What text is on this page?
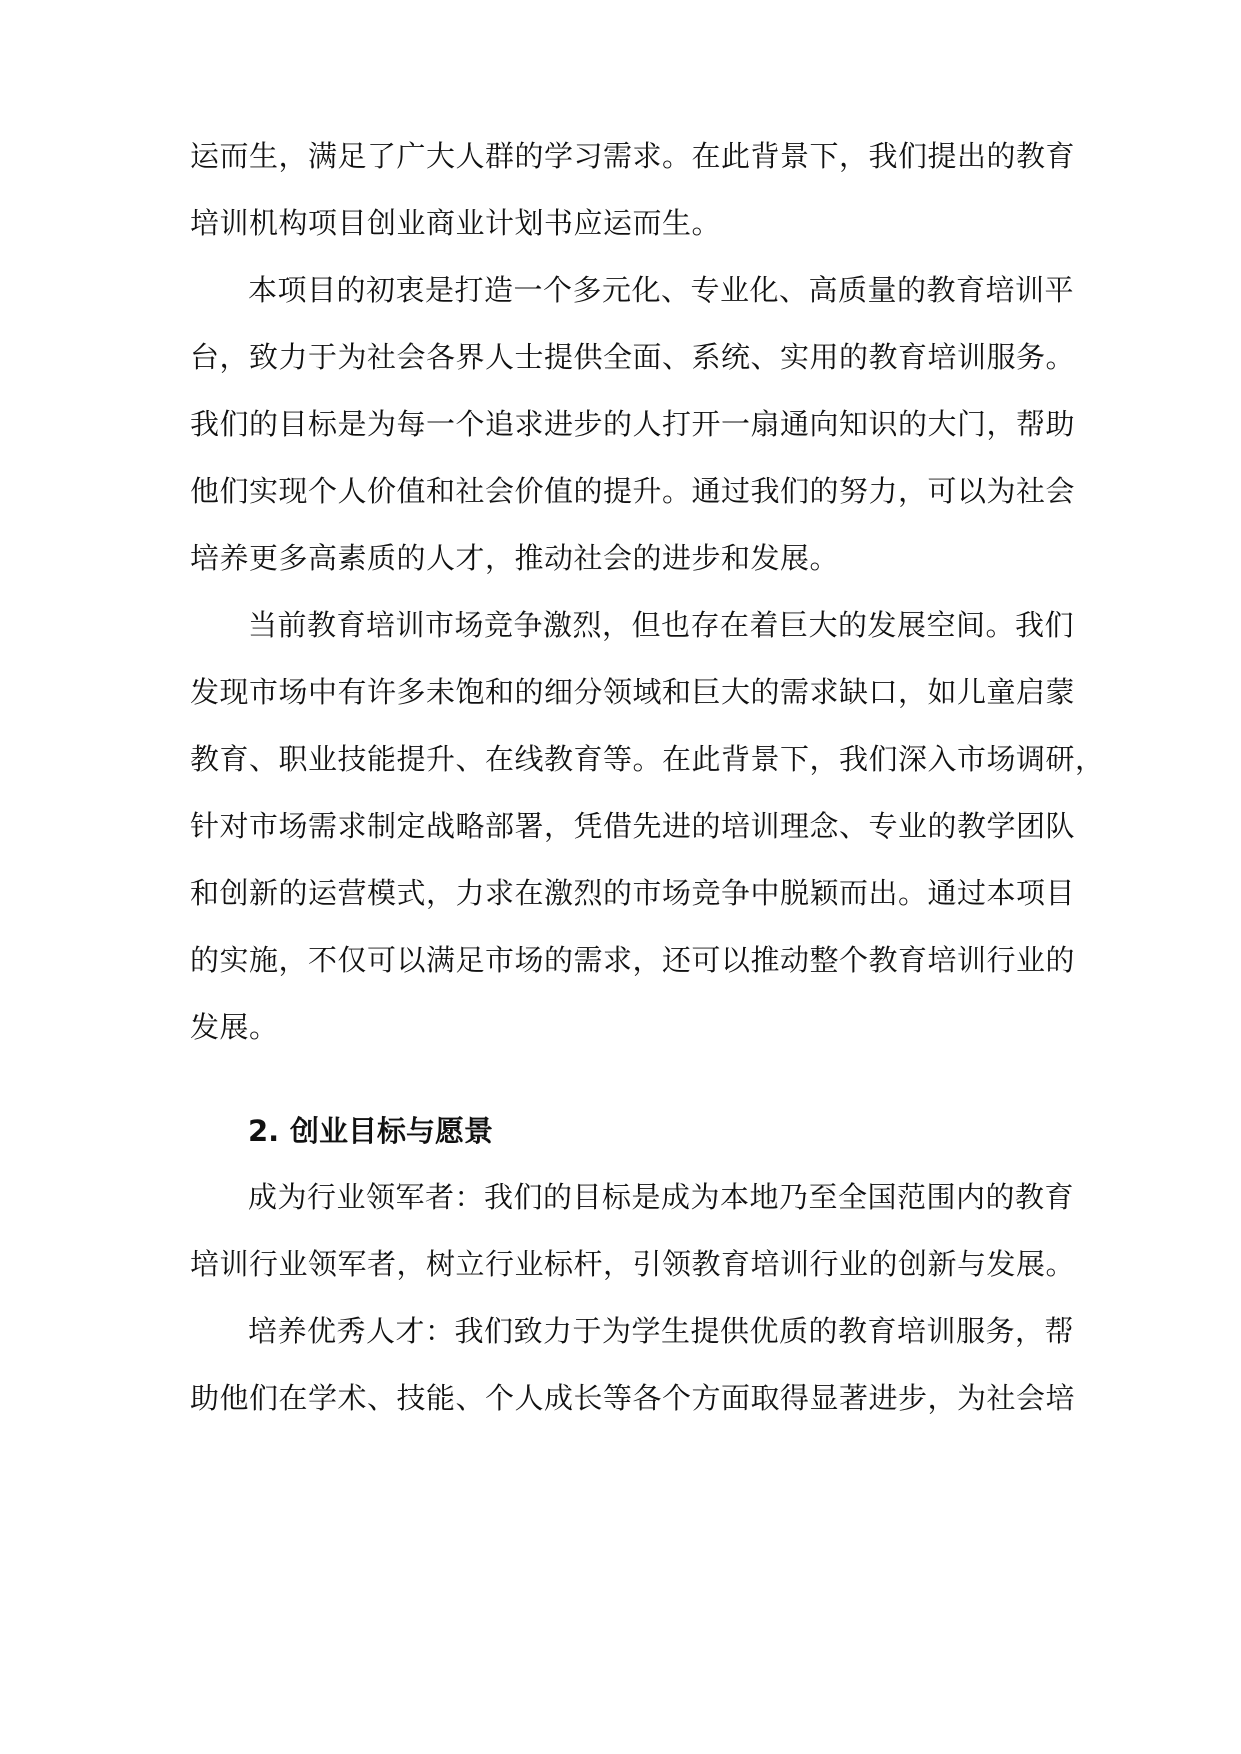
运而生，满足了广大人群的学习需求。在此背景下，我们提出的教育
培训机构项目创业商业计划书应运而生。
本项目的初衷是打造一个多元化、专业化、高质量的教育培训平
台，致力于为社会各界人士提供全面、系统、实用的教育培训服务。
我们的目标是为每一个追求进步的人打开一扇通向知识的大门，帮助
他们实现个人价值和社会价值的提升。通过我们的努力，可以为社会
培养更多高素质的人才，推动社会的进步和发展。
当前教育培训市场竞争激烈，但也存在着巨大的发展空间。我们
发现市场中有许多未饱和的细分领域和巨大的需求缺口，如儿童启蒙
教育、职业技能提升、在线教育等。在此背景下，我们深入市场调研，
针对市场需求制定战略部署，凭借先进的培训理念、专业的教学团队
和创新的运营模式，力求在激烈的市场竞争中脱颖而出。通过本项目
的实施，不仅可以满足市场的需求，还可以推动整个教育培训行业的
发展。
2. 创业目标与愿景
成为行业领军者：我们的目标是成为本地乃至全国范围内的教育
培训行业领军者，树立行业标杆，引领教育培训行业的创新与发展。
培养优秀人才：我们致力于为学生提供优质的教育培训服务，帮
助他们在学术、技能、个人成长等各个方面取得显著进步，为社会培
